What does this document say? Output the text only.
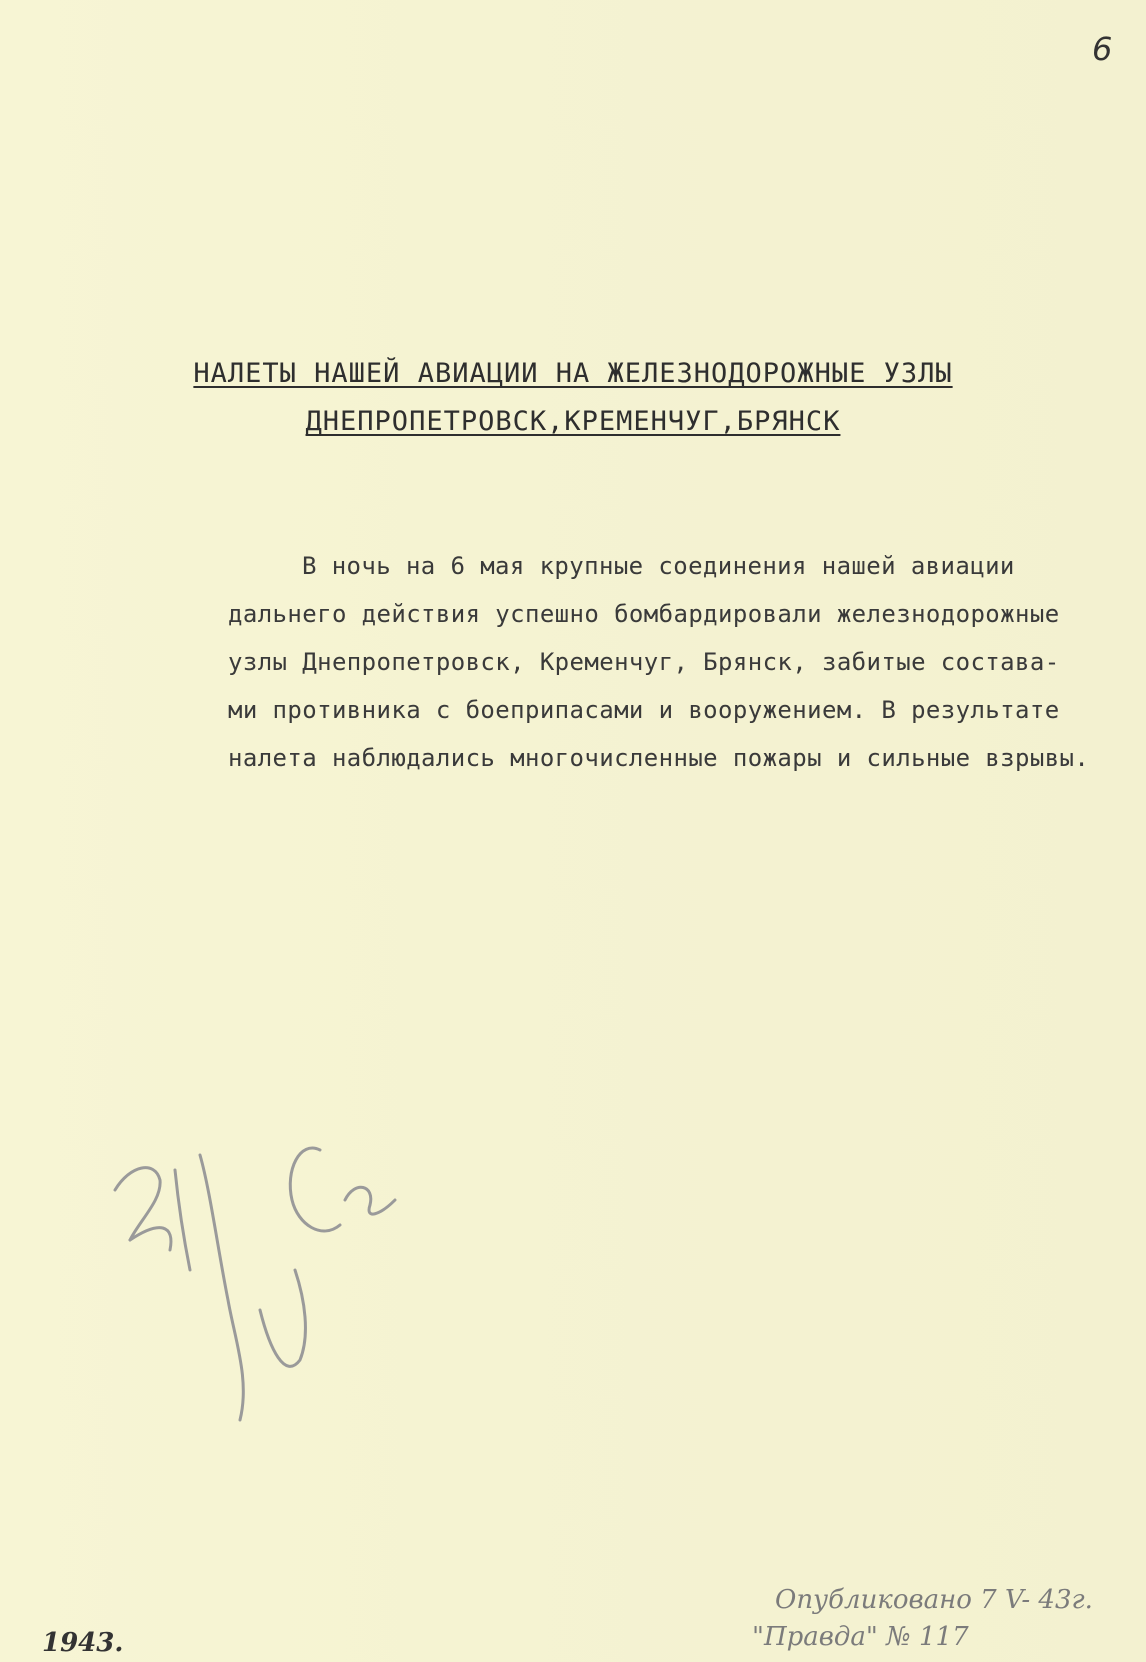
6
НАЛЕТЫ НАШЕЙ АВИАЦИИ НА ЖЕЛЕЗНОДОРОЖНЫЕ УЗЛЫ
ДНЕПРОПЕТРОВСК,КРЕМЕНЧУГ,БРЯНСК
В ночь на 6 мая крупные соединения нашей авиации
дальнего действия успешно бомбардировали железнодорожные
узлы Днепропетровск, Кременчуг, Брянск, забитые состава-
ми противника с боеприпасами и вооружением. В результате
налета наблюдались многочисленные пожары и сильные взрывы.
1943.
Опубликовано 7 V- 43г.
"Правда" № 117
